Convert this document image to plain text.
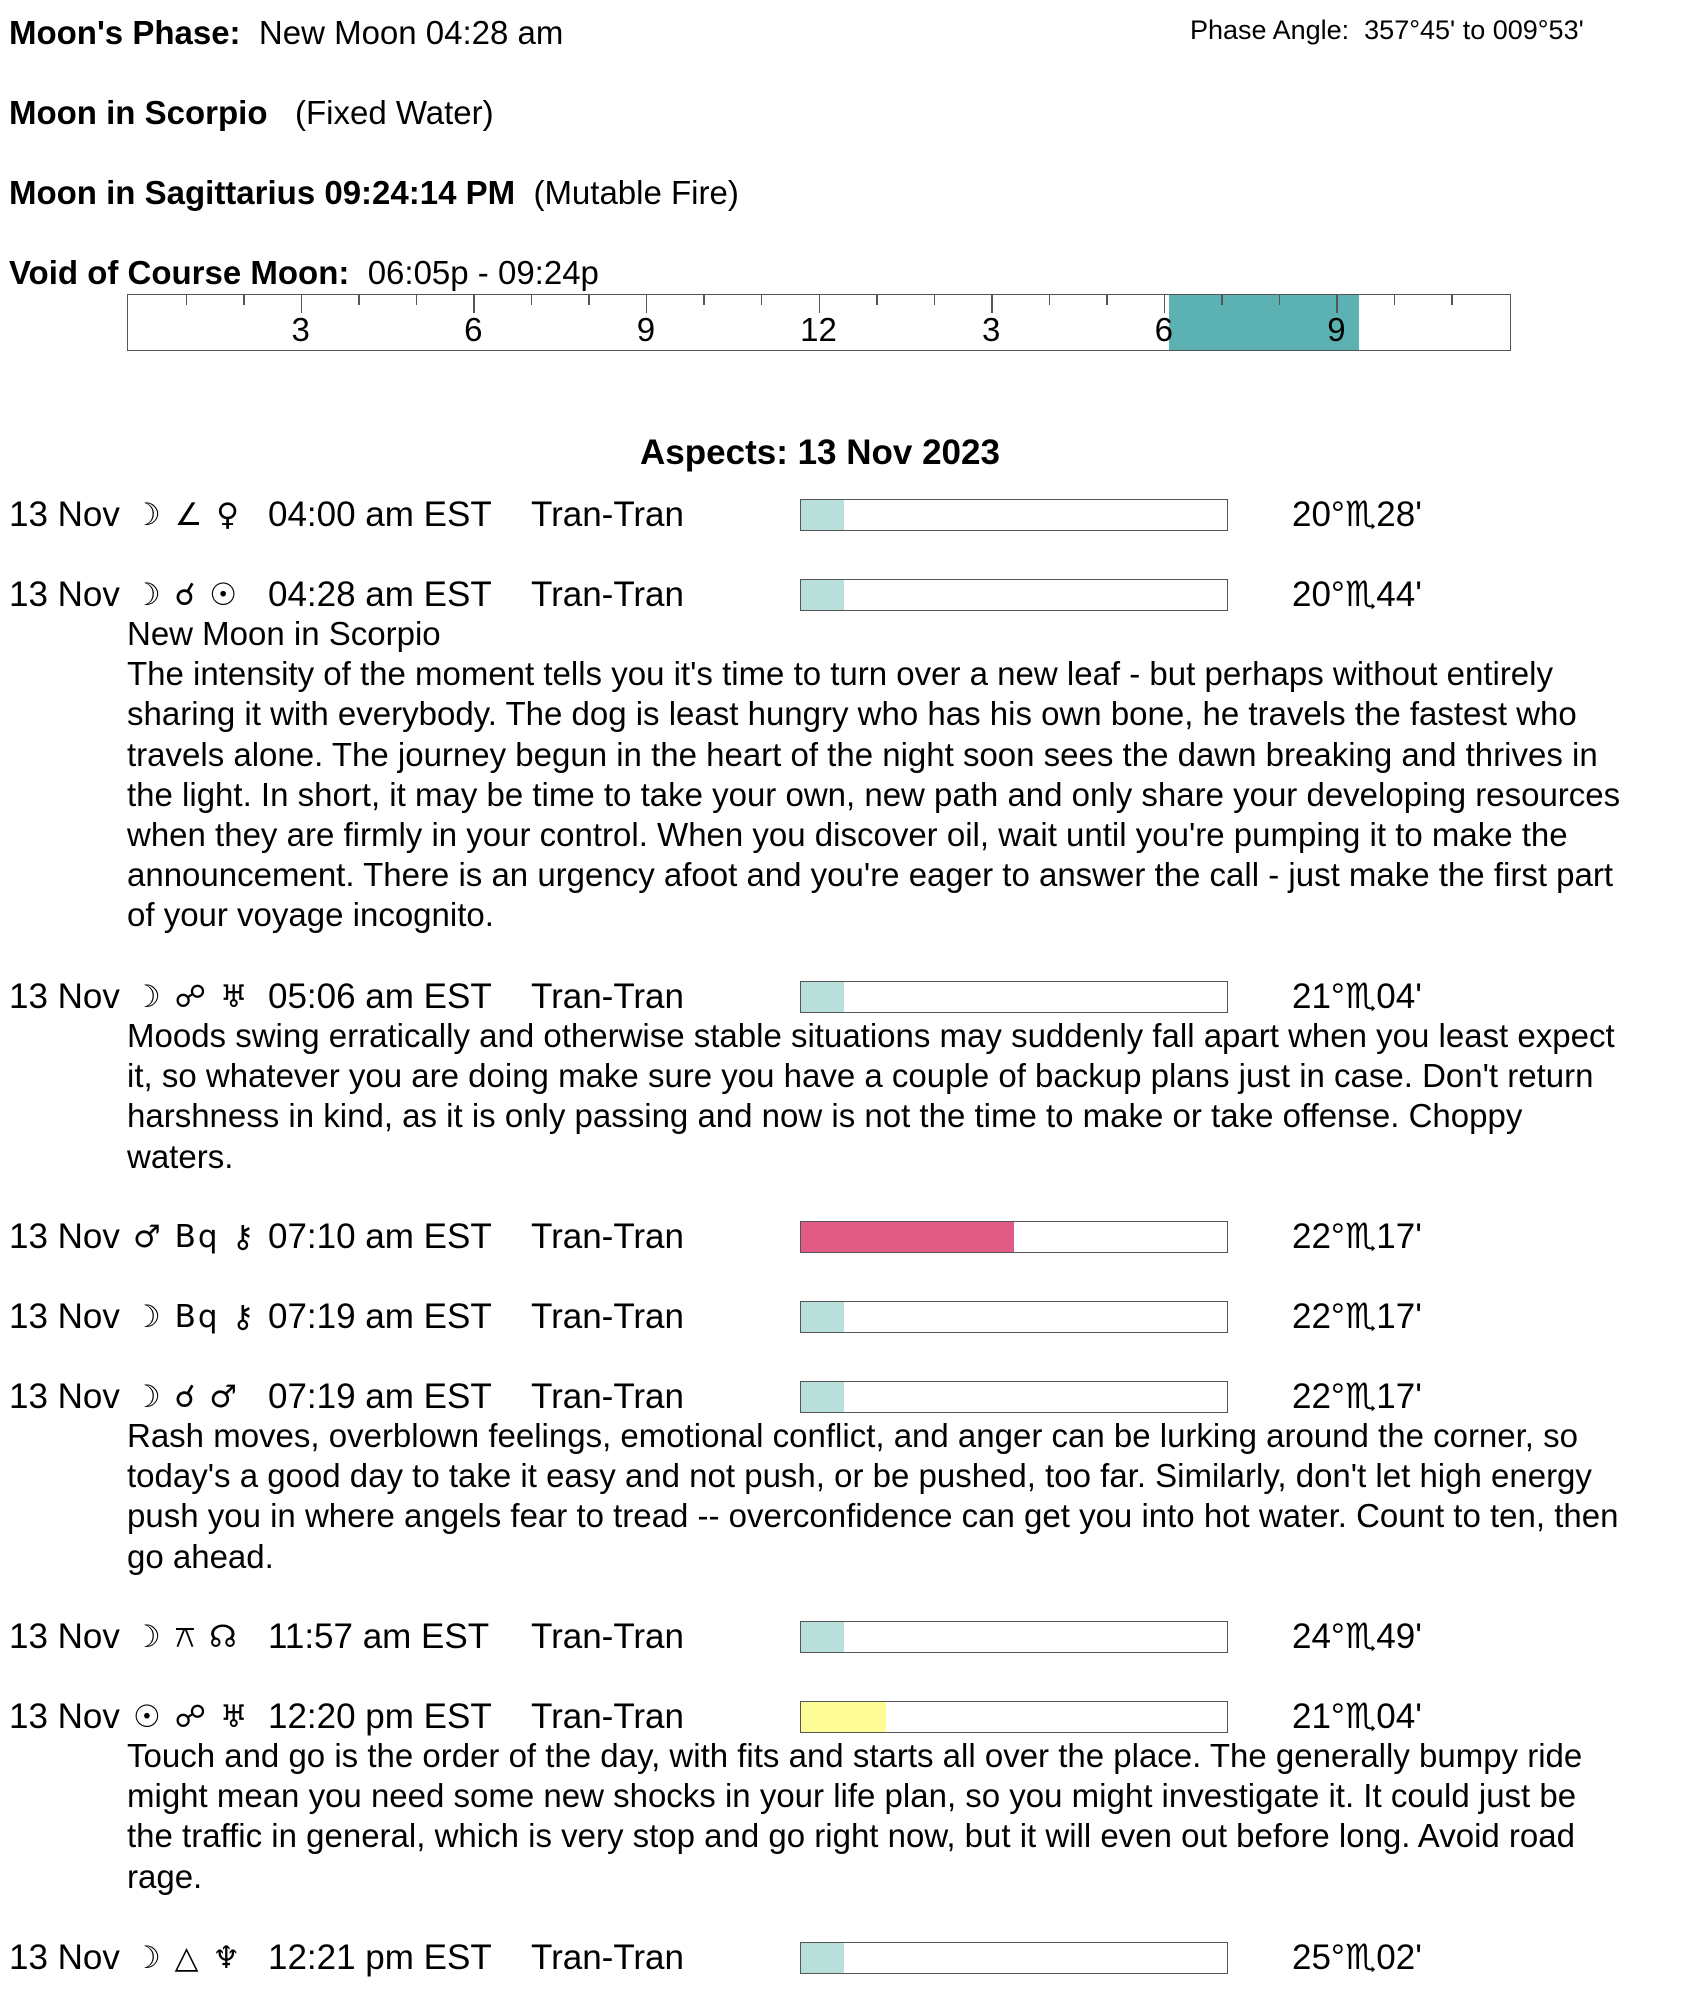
Moon's Phase: New Moon 04:28 am	Phase Angle: 357°45' to 009°53'
Moon in Scorpio (Fixed Water)
Moon in Sagittarius 09:24:14 PM (Mutable Fire)
Void of Course Moon: 06:05p - 09:24p
3	6	9	12	3	6	9
Aspects: 13 Nov 2023
13 Nov ☽ ∠ ♀ 04:00 am EST Tran-Tran	20°♏28'
13 Nov ☽ ☌ ☉ 04:28 am EST Tran-Tran	20°♏44'
New Moon in Scorpio
The intensity of the moment tells you it's time to turn over a new leaf - but perhaps without entirely sharing it with everybody. The dog is least hungry who has his own bone, he travels the fastest who travels alone. The journey begun in the heart of the night soon sees the dawn breaking and thrives in the light. In short, it may be time to take your own, new path and only share your developing resources when they are firmly in your control. When you discover oil, wait until you're pumping it to make the announcement. There is an urgency afoot and you're eager to answer the call - just make the first part of your voyage incognito.
13 Nov ☽ ☍ ♅ 05:06 am EST Tran-Tran	21°♏04'
Moods swing erratically and otherwise stable situations may suddenly fall apart when you least expect it, so whatever you are doing make sure you have a couple of backup plans just in case. Don't return harshness in kind, as it is only passing and now is not the time to make or take offense. Choppy waters.
13 Nov ♂ Bq ⚷ 07:10 am EST Tran-Tran	22°♏17'
13 Nov ☽ Bq ⚷ 07:19 am EST Tran-Tran	22°♏17'
13 Nov ☽ ☌ ♂ 07:19 am EST Tran-Tran	22°♏17'
Rash moves, overblown feelings, emotional conflict, and anger can be lurking around the corner, so today's a good day to take it easy and not push, or be pushed, too far. Similarly, don't let high energy push you in where angels fear to tread -- overconfidence can get you into hot water. Count to ten, then go ahead.
13 Nov ☽ ⚻ ☊ 11:57 am EST Tran-Tran	24°♏49'
13 Nov ☉ ☍ ♅ 12:20 pm EST Tran-Tran	21°♏04'
Touch and go is the order of the day, with fits and starts all over the place. The generally bumpy ride might mean you need some new shocks in your life plan, so you might investigate it. It could just be the traffic in general, which is very stop and go right now, but it will even out before long. Avoid road rage.
13 Nov ☽ △ ♆ 12:21 pm EST Tran-Tran	25°♏02'
